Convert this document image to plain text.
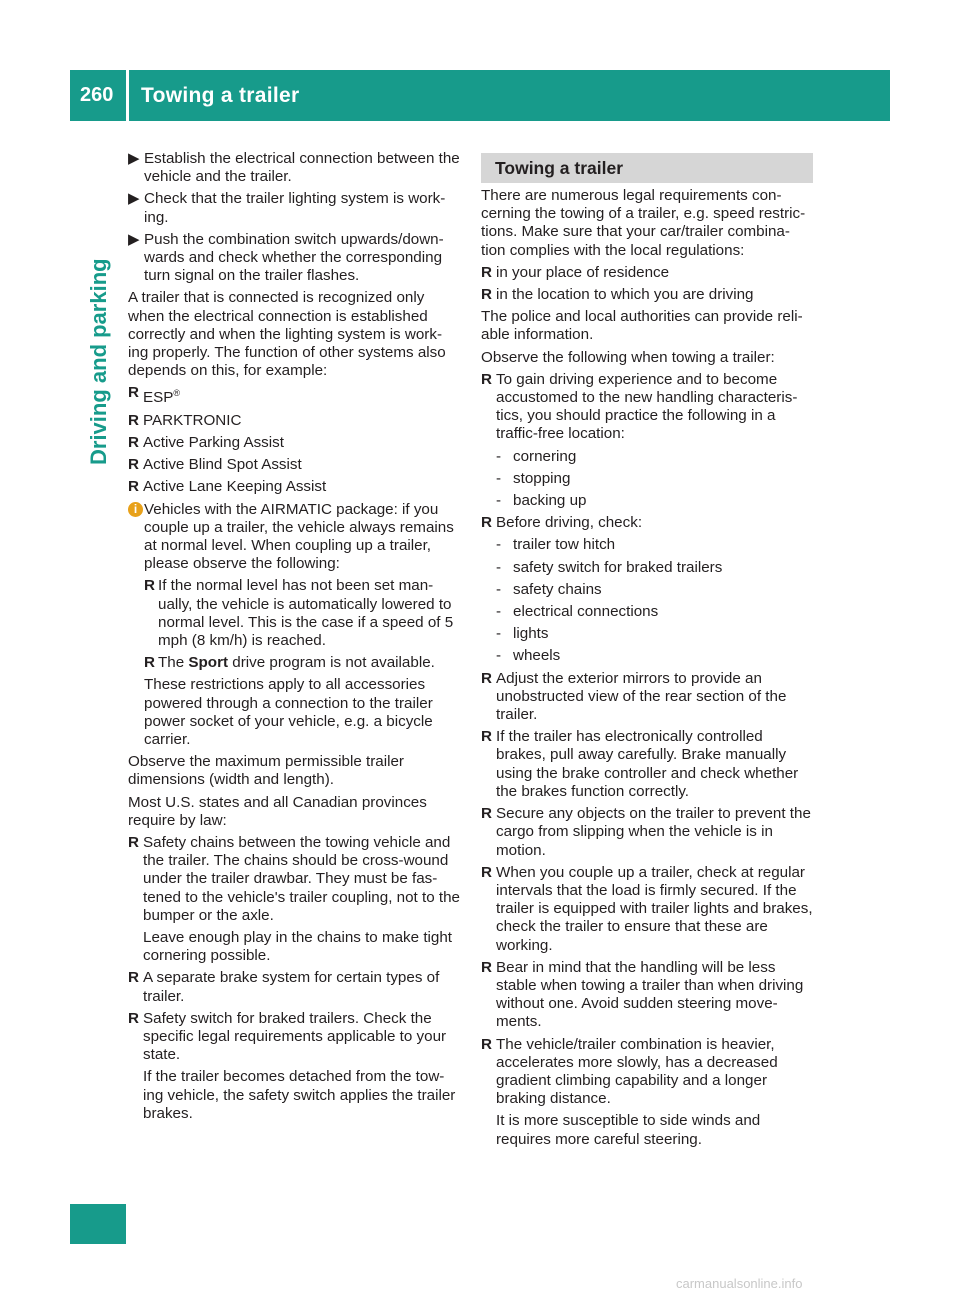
260 Towing a trailer
Driving and parking
▶︎ Establish the electrical connection between the vehicle and the trailer.
▶︎ Check that the trailer lighting system is work-ing.
▶︎ Push the combination switch upwards/down-wards and check whether the corresponding turn signal on the trailer flashes.

A trailer that is connected is recognized only when the electrical connection is established correctly and when the lighting system is work-ing properly. The function of other systems also depends on this, for example:

R ESP®
R PARKTRONIC
R Active Parking Assist
R Active Blind Spot Assist
R Active Lane Keeping Assist
i Vehicles with the AIRMATIC package: if you couple up a trailer, the vehicle always remains at normal level. When coupling up a trailer, please observe the following:
R If the normal level has not been set man-ually, the vehicle is automatically lowered to normal level. This is the case if a speed of 5 mph (8 km/h) is reached.
R The Sport drive program is not available.
These restrictions apply to all accessories powered through a connection to the trailer power socket of your vehicle, e.g. a bicycle carrier.

Observe the maximum permissible trailer dimensions (width and length).

Most U.S. states and all Canadian provinces require by law:

R Safety chains between the towing vehicle and the trailer. The chains should be cross-wound under the trailer drawbar. They must be fas-tened to the vehicle's trailer coupling, not to the bumper or the axle.
Leave enough play in the chains to make tight cornering possible.
R A separate brake system for certain types of trailer.
R Safety switch for braked trailers. Check the specific legal requirements applicable to your state.
If the trailer becomes detached from the tow-ing vehicle, the safety switch applies the trailer brakes.
Towing a trailer

There are numerous legal requirements con-cerning the towing of a trailer, e.g. speed restric-tions. Make sure that your car/trailer combina-tion complies with the local regulations:

R in your place of residence
R in the location to which you are driving

The police and local authorities can provide reli-able information.

Observe the following when towing a trailer:

R To gain driving experience and to become accustomed to the new handling characteris-tics, you should practice the following in a traffic-free location:
- cornering
- stopping
- backing up
R Before driving, check:
- trailer tow hitch
- safety switch for braked trailers
- safety chains
- electrical connections
- lights
- wheels
R Adjust the exterior mirrors to provide an unobstructed view of the rear section of the trailer.
R If the trailer has electronically controlled brakes, pull away carefully. Brake manually using the brake controller and check whether the brakes function correctly.
R Secure any objects on the trailer to prevent the cargo from slipping when the vehicle is in motion.
R When you couple up a trailer, check at regular intervals that the load is firmly secured. If the trailer is equipped with trailer lights and brakes, check the trailer to ensure that these are working.
R Bear in mind that the handling will be less stable when towing a trailer than when driving without one. Avoid sudden steering move-ments.
R The vehicle/trailer combination is heavier, accelerates more slowly, has a decreased gradient climbing capability and a longer braking distance.
It is more susceptible to side winds and requires more careful steering.
carmanualsonline.info
